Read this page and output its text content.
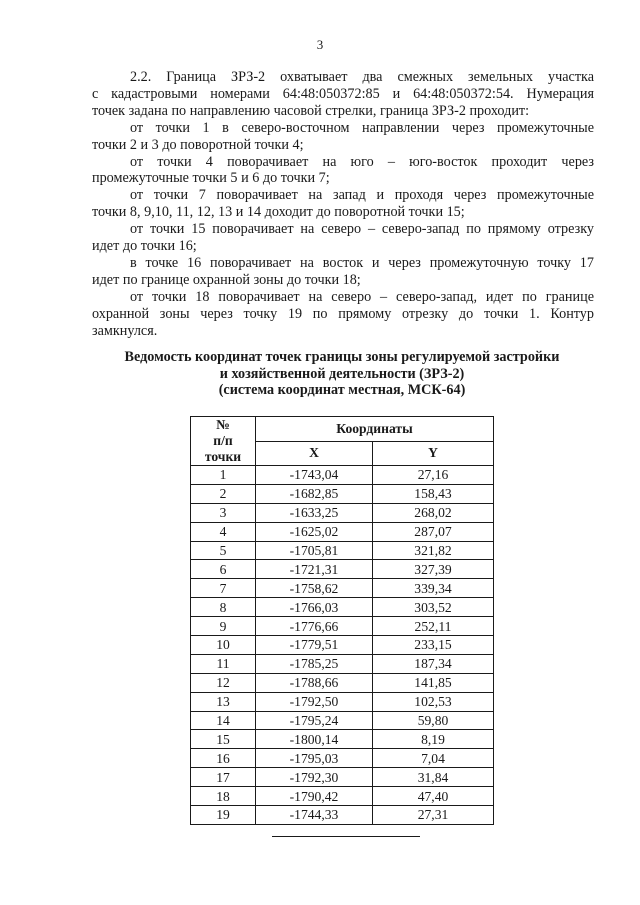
3

2.2. Граница ЗРЗ-2 охватывает два смежных земельных участка

с кадастровыми номерами 64:48:050372:85 и 64:48:050372:54. Нумерация

точек задана по направлению часовой стрелки, граница ЗРЗ-2 проходит:

от точки 1 в северо-восточном направлении через промежуточные

точки 2 и 3 до поворотной точки 4;

от точки 4 поворачивает на юго – юго-восток проходит через

промежуточные точки 5 и 6 до точки 7;

от точки 7 поворачивает на запад и проходя через промежуточные

точки 8, 9,10, 11, 12, 13 и 14 доходит до поворотной точки 15;

от точки 15 поворачивает на северо – северо-запад по прямому отрезку

идет до точки 16;

в точке 16 поворачивает на восток и через промежуточную точку 17

идет по границе охранной зоны до точки 18;

от точки 18 поворачивает на северо – северо-запад, идет по границе

охранной зоны через точку 19 по прямому отрезку до точки 1. Контур

замкнулся.

Ведомость координат точек границы зоны регулируемой застройки
и хозяйственной деятельности (ЗРЗ-2)
(система координат местная, МСК-64)
№
п/п
точки	Координаты	
	X	Y
1	-1743,04	27,16
2	-1682,85	158,43
3	-1633,25	268,02
4	-1625,02	287,07
5	-1705,81	321,82
6	-1721,31	327,39
7	-1758,62	339,34
8	-1766,03	303,52
9	-1776,66	252,11
10	-1779,51	233,15
11	-1785,25	187,34
12	-1788,66	141,85
13	-1792,50	102,53
14	-1795,24	59,80
15	-1800,14	8,19
16	-1795,03	7,04
17	-1792,30	31,84
18	-1790,42	47,40
19	-1744,33	27,31
